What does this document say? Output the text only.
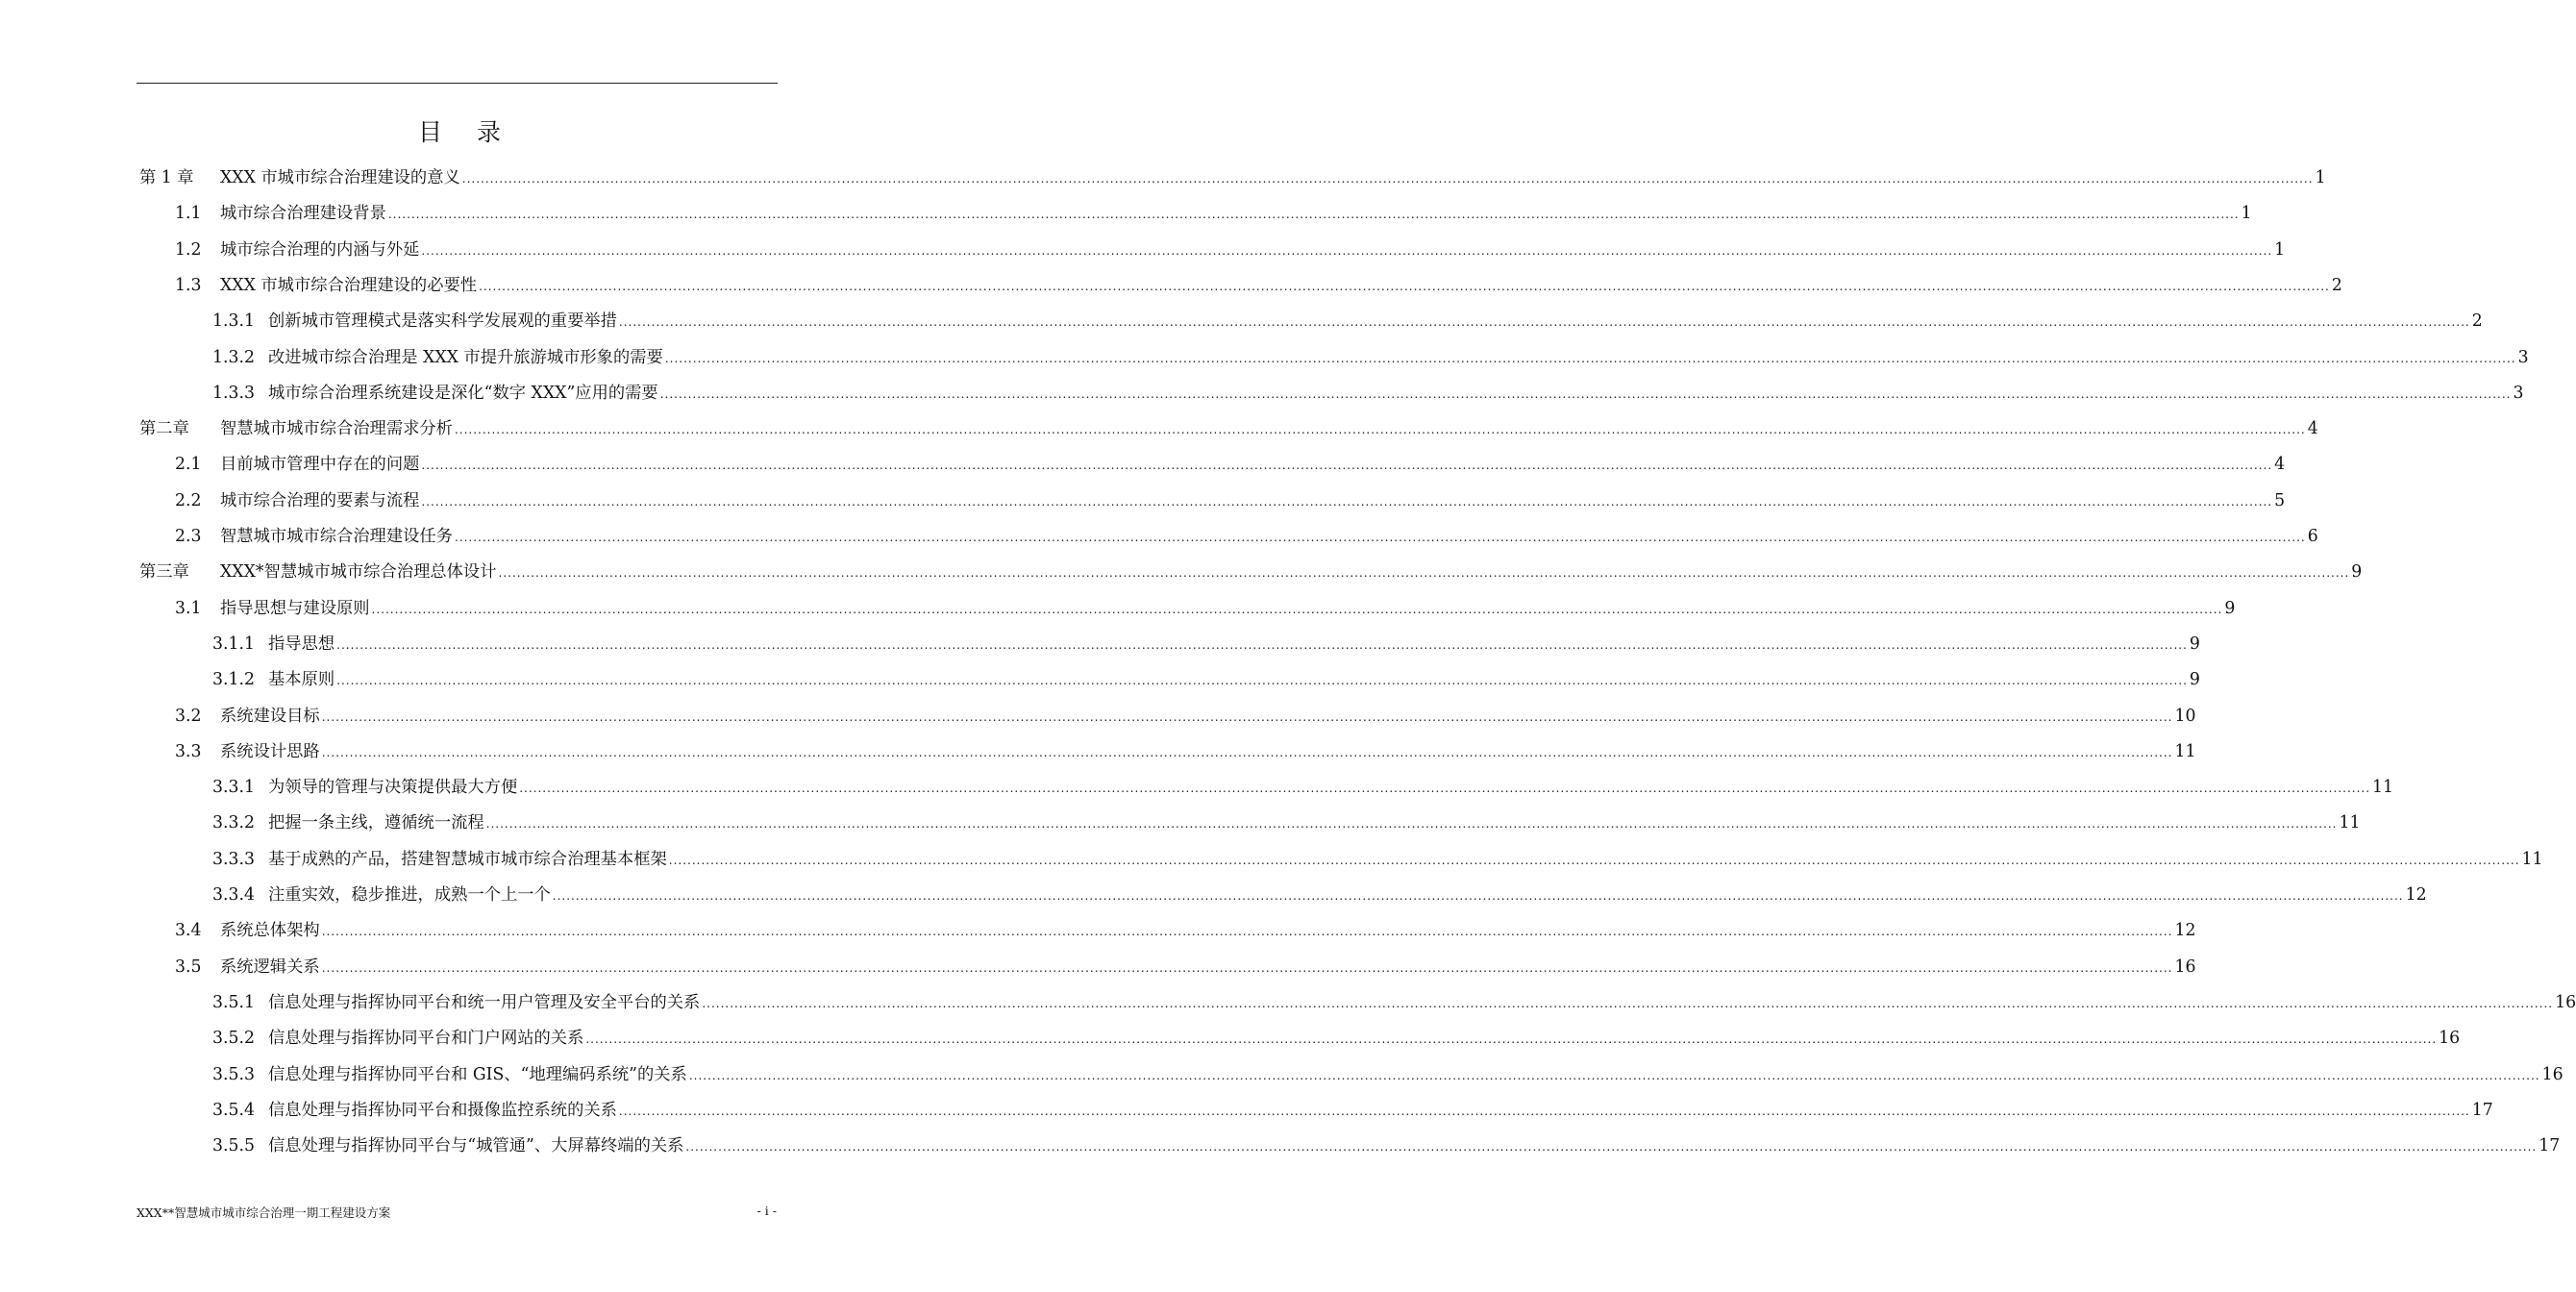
目 录
第 1 章 XXX 市城市综合治理建设的意义 ................................................................................................................................................................................................................................................................................................................................................................................................................ 1
1.1 城市综合治理建设背景 ................................................................................................................................................................................................................................................................................................................................................................................................................ 1
1.2 城市综合治理的内涵与外延 ................................................................................................................................................................................................................................................................................................................................................................................................................ 1
1.3 XXX 市城市综合治理建设的必要性 ................................................................................................................................................................................................................................................................................................................................................................................................................ 2
1.3.1 创新城市管理模式是落实科学发展观的重要举措 ................................................................................................................................................................................................................................................................................................................................................................................................................ 2
1.3.2 改进城市综合治理是 XXX 市提升旅游城市形象的需要 ................................................................................................................................................................................................................................................................................................................................................................................................................ 3
1.3.3 城市综合治理系统建设是深化“数字 XXX”应用的需要 ................................................................................................................................................................................................................................................................................................................................................................................................................ 3
第二章 智慧城市城市综合治理需求分析 ................................................................................................................................................................................................................................................................................................................................................................................................................ 4
2.1 目前城市管理中存在的问题 ................................................................................................................................................................................................................................................................................................................................................................................................................ 4
2.2 城市综合治理的要素与流程 ................................................................................................................................................................................................................................................................................................................................................................................................................ 5
2.3 智慧城市城市综合治理建设任务 ................................................................................................................................................................................................................................................................................................................................................................................................................ 6
第三章 XXX*智慧城市城市综合治理总体设计 ................................................................................................................................................................................................................................................................................................................................................................................................................ 9
3.1 指导思想与建设原则 ................................................................................................................................................................................................................................................................................................................................................................................................................ 9
3.1.1 指导思想 ................................................................................................................................................................................................................................................................................................................................................................................................................ 9
3.1.2 基本原则 ................................................................................................................................................................................................................................................................................................................................................................................................................ 9
3.2 系统建设目标 ................................................................................................................................................................................................................................................................................................................................................................................................................ 10
3.3 系统设计思路 ................................................................................................................................................................................................................................................................................................................................................................................................................ 11
3.3.1 为领导的管理与决策提供最大方便 ................................................................................................................................................................................................................................................................................................................................................................................................................ 11
3.3.2 把握一条主线，遵循统一流程 ................................................................................................................................................................................................................................................................................................................................................................................................................ 11
3.3.3 基于成熟的产品，搭建智慧城市城市综合治理基本框架 ................................................................................................................................................................................................................................................................................................................................................................................................................ 11
3.3.4 注重实效，稳步推进，成熟一个上一个 ................................................................................................................................................................................................................................................................................................................................................................................................................ 12
3.4 系统总体架构 ................................................................................................................................................................................................................................................................................................................................................................................................................ 12
3.5 系统逻辑关系 ................................................................................................................................................................................................................................................................................................................................................................................................................ 16
3.5.1 信息处理与指挥协同平台和统一用户管理及安全平台的关系 ................................................................................................................................................................................................................................................................................................................................................................................................................ 16
3.5.2 信息处理与指挥协同平台和门户网站的关系 ................................................................................................................................................................................................................................................................................................................................................................................................................ 16
3.5.3 信息处理与指挥协同平台和 GIS、“地理编码系统”的关系 ................................................................................................................................................................................................................................................................................................................................................................................................................ 16
3.5.4 信息处理与指挥协同平台和摄像监控系统的关系 ................................................................................................................................................................................................................................................................................................................................................................................................................ 17
3.5.5 信息处理与指挥协同平台与“城管通”、大屏幕终端的关系 ................................................................................................................................................................................................................................................................................................................................................................................................................ 17
XXX**智慧城市城市综合治理一期工程建设方案	- i -
